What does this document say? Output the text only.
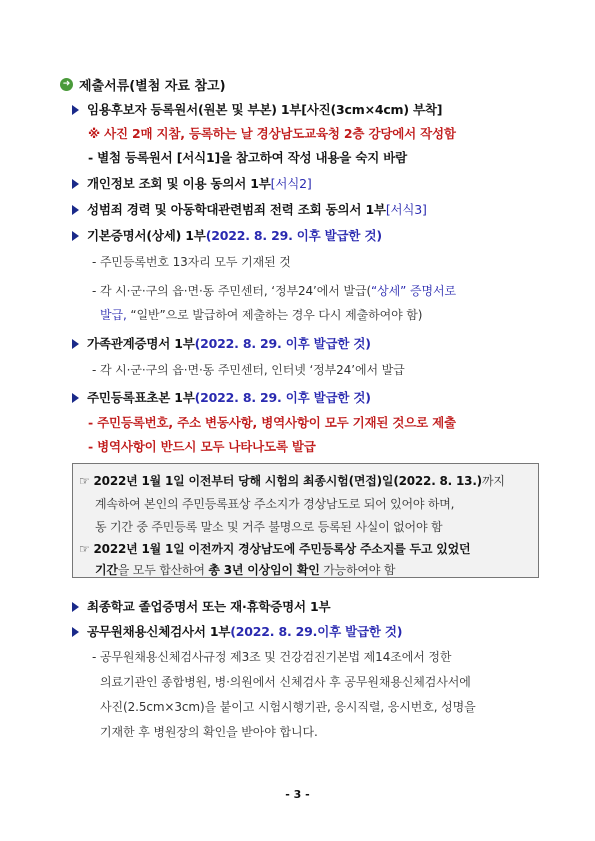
➜ 제출서류(별첨 자료 참고)
임용후보자 등록원서(원본 및 부본) 1부[사진(3cm×4cm) 부착]
※ 사진 2매 지참, 등록하는 날 경상남도교육청 2층 강당에서 작성함
- 별첨 등록원서 [서식1]을 참고하여 작성 내용을 숙지 바람
개인정보 조회 및 이용 동의서 1부 [서식2]
성범죄 경력 및 아동학대관련범죄 전력 조회 동의서 1부 [서식3]
기본증명서(상세) 1부 (2022. 8. 29. 이후 발급한 것)
- 주민등록번호 13자리 모두 기재된 것
- 각 시·군·구의 읍·면·동 주민센터, ‘정부24’에서 발급(“상세” 증명서로
발급, “일반”으로 발급하여 제출하는 경우 다시 제출하여야 함)
가족관계증명서 1부 (2022. 8. 29. 이후 발급한 것)
- 각 시·군·구의 읍·면·동 주민센터, 인터넷 ‘정부24’에서 발급
주민등록표초본 1부 (2022. 8. 29. 이후 발급한 것)
- 주민등록번호, 주소 변동사항, 병역사항이 모두 기재된 것으로 제출
- 병역사항이 반드시 모두 나타나도록 발급
☞ 2022년 1월 1일 이전부터 당해 시험의 최종시험(면접)일(2022. 8. 13.)까지
계속하여 본인의 주민등록표상 주소지가 경상남도로 되어 있어야 하며,
동 기간 중 주민등록 말소 및 거주 불명으로 등록된 사실이 없어야 함
☞ 2022년 1월 1일 이전까지 경상남도에 주민등록상 주소지를 두고 있었던
기간을 모두 합산하여 총 3년 이상임이 확인 가능하여야 함
최종학교 졸업증명서 또는 재·휴학증명서 1부
공무원채용신체검사서 1부 (2022. 8. 29.이후 발급한 것)
- 공무원채용신체검사규정 제3조 및 건강검진기본법 제14조에서 정한
의료기관인 종합병원, 병·의원에서 신체검사 후 공무원채용신체검사서에
사진(2.5cm×3cm)을 붙이고 시험시행기관, 응시직렬, 응시번호, 성명을
기재한 후 병원장의 확인을 받아야 합니다.
- 3 -
